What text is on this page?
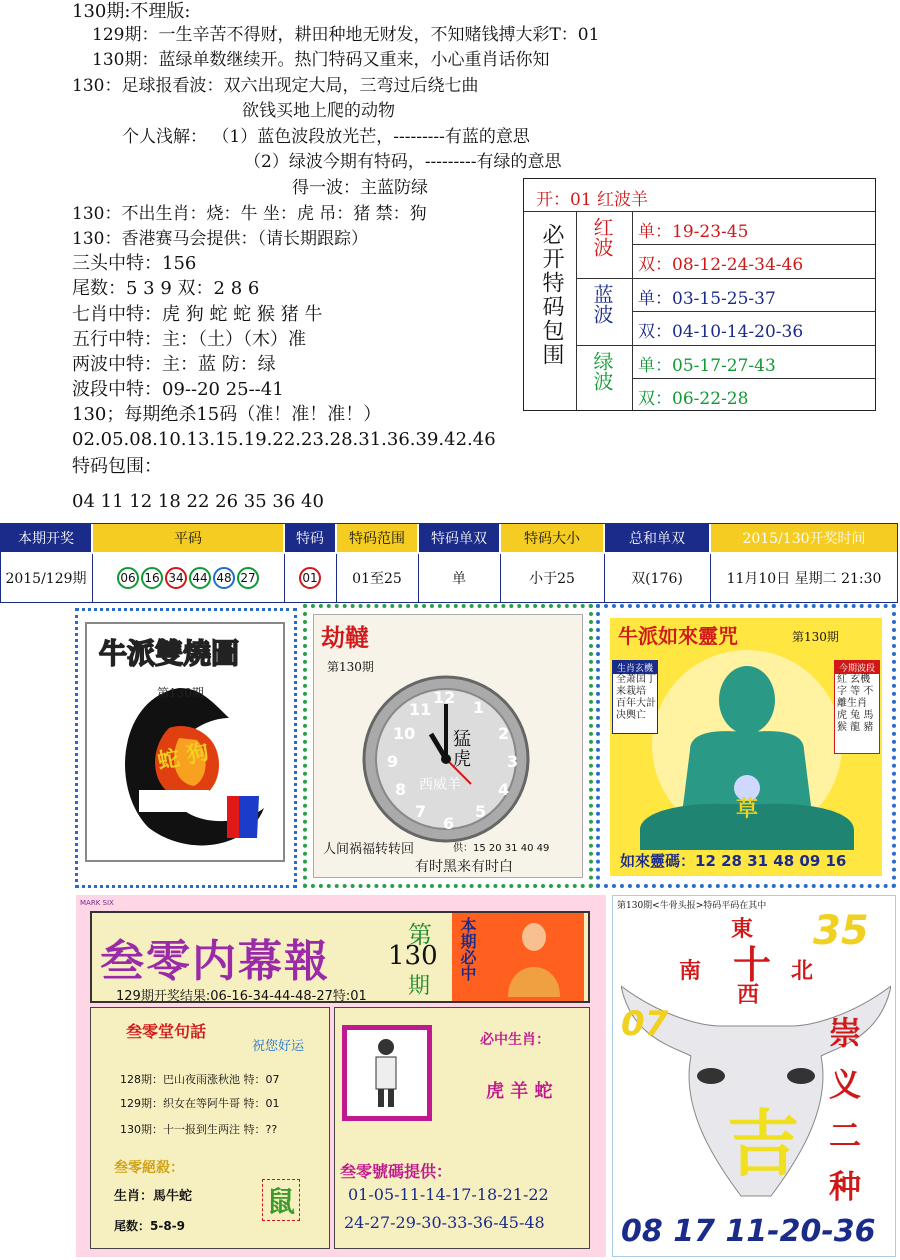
130期:不理版:
129期：一生辛苦不得财，耕田种地无财发，不知赌钱搏大彩T：01
130期：蓝绿单数继续开。热门特码又重来，小心重肖话你知
130：足球报看波：双六出现定大局，三弯过后绕七曲
欲钱买地上爬的动物
个人浅解： （1）蓝色波段放光芒，---------有蓝的意思
（2）绿波今期有特码，---------有绿的意思
得一波：主蓝防绿
130：不出生肖：烧：牛 坐：虎 吊：猪 禁：狗
130：香港赛马会提供：（请长期跟踪）
三头中特：156
尾数：5 3 9 双：2 8 6
七肖中特：虎 狗 蛇 蛇 猴 猪 牛
五行中特：主：（土）（木）准
两波中特：主：蓝 防：绿
波段中特：09--20 25--41
130；每期绝杀15码（准！准！准！）
02.05.08.10.13.15.19.22.23.28.31.36.39.42.46
特码包围：
04 11 12 18 22 26 35 36 40
开：01 红波羊
必开特码包围 红波 单：19-23-45
双：08-12-24-34-46
蓝波 单：03-15-25-37
双：04-10-14-20-36
绿波 单：05-17-27-43
双：06-22-28
本期开奖	平码	特码	特码范围	特码单双	特码大小	总和单双	2015/130开奖时间
2015/129期	06 16 34 44 48 27	01	01至25	单	小于25	双(176)	11月10日 星期二 21:30
牛派雙燒圖
第130期
蛇 狗
劫韃
第130期
12
1
2
3
4
5
6
7
8
9
10
11
猛虎
西威羊
人间祸福转转回	供：15 20 31 40 49
有时黑来有时白
牛派如來靈咒	第130期
生肖玄機
全萧囯丁来栽培 百年大計决輿亡
今期波段
紅 玄機字 等 不離生肖 虎 兔 馬 猴 龍 豬
草
如來靈碼：12 28 31 48 09 16
MARK SIX
叁零内幕報
第
130
期
本期必中
129期开奖结果:06-16-34-44-48-27特:01
叁零堂句話
祝您好运
128期：巴山夜雨涨秋池 特：07
129期：织女在等阿牛哥 特：01
130期：十一报到生两注 特：??
叁零絕殺：
生肖：馬牛蛇
尾数：5-8-9
鼠
必中生肖：
虎 羊 蛇
叁零號碼提供：
01-05-11-14-17-18-21-22
24-27-29-30-33-36-45-48
第130期<牛骨头报>特码平码在其中
東
十
南	北
西
35
07
吉 崇 义 二 种
08 17 11-20-36
